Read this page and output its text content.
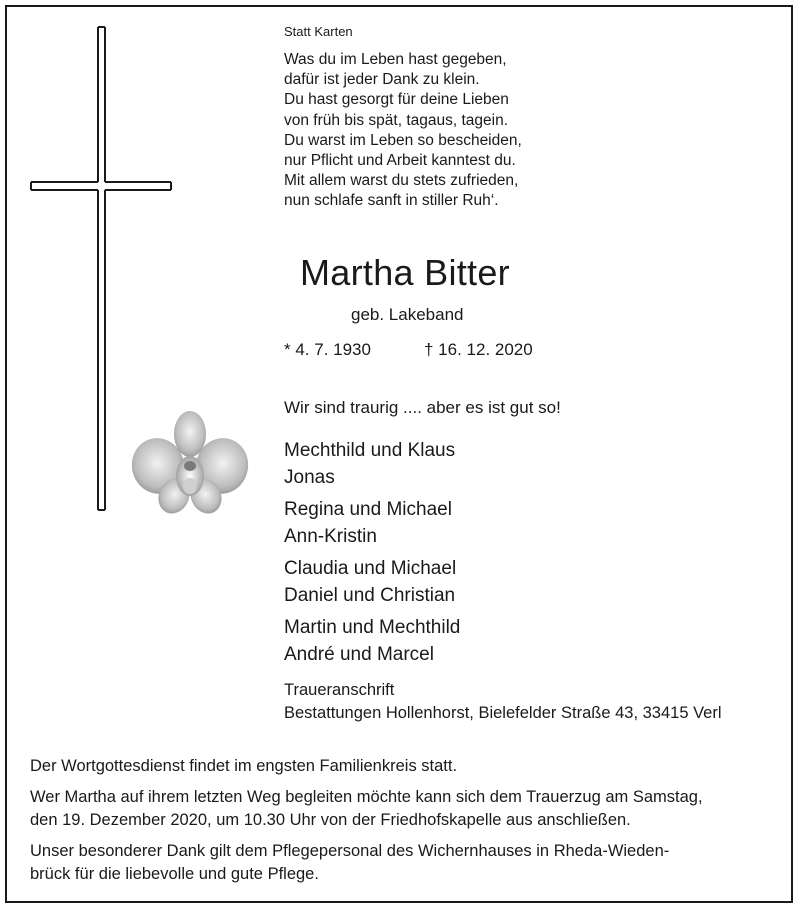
Statt Karten
Was du im Leben hast gegeben,
dafür ist jeder Dank zu klein.
Du hast gesorgt für deine Lieben
von früh bis spät, tagaus, tagein.
Du warst im Leben so bescheiden,
nur Pflicht und Arbeit kanntest du.
Mit allem warst du stets zufrieden,
nun schlafe sanft in stiller Ruh‘.
Martha Bitter
geb. Lakeband
* 4. 7. 1930	† 16. 12. 2020
Wir sind traurig .... aber es ist gut so!
Mechthild und Klaus
Jonas
Regina und Michael
Ann-Kristin
Claudia und Michael
Daniel und Christian
Martin und Mechthild
André und Marcel
Traueranschrift
Bestattungen Hollenhorst, Bielefelder Straße 43, 33415 Verl
Der Wortgottesdienst findet im engsten Familienkreis statt.
Wer Martha auf ihrem letzten Weg begleiten möchte kann sich dem Trauerzug am Samstag,
den 19. Dezember 2020, um 10.30 Uhr von der Friedhofskapelle aus anschließen.
Unser besonderer Dank gilt dem Pflegepersonal des Wichernhauses in Rheda-Wieden-
brück für die liebevolle und gute Pflege.
